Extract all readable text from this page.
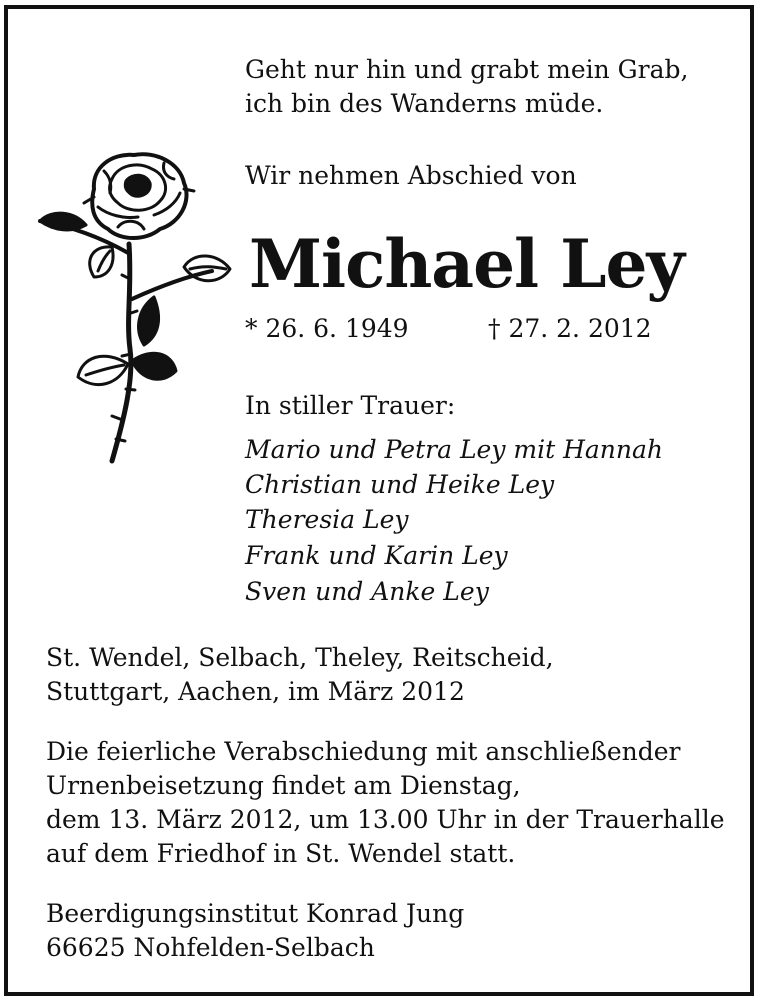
Geht nur hin und grabt mein Grab,
ich bin des Wanderns müde.
Wir nehmen Abschied von
Michael Ley
* 26. 6. 1949	† 27. 2. 2012
In stiller Trauer:
Mario und Petra Ley mit Hannah
Christian und Heike Ley
Theresia Ley
Frank und Karin Ley
Sven und Anke Ley
St. Wendel, Selbach, Theley, Reitscheid,
Stuttgart, Aachen, im März 2012
Die feierliche Verabschiedung mit anschließender
Urnenbeisetzung findet am Dienstag,
dem 13. März 2012, um 13.00 Uhr in der Trauerhalle
auf dem Friedhof in St. Wendel statt.
Beerdigungsinstitut Konrad Jung
66625 Nohfelden-Selbach
